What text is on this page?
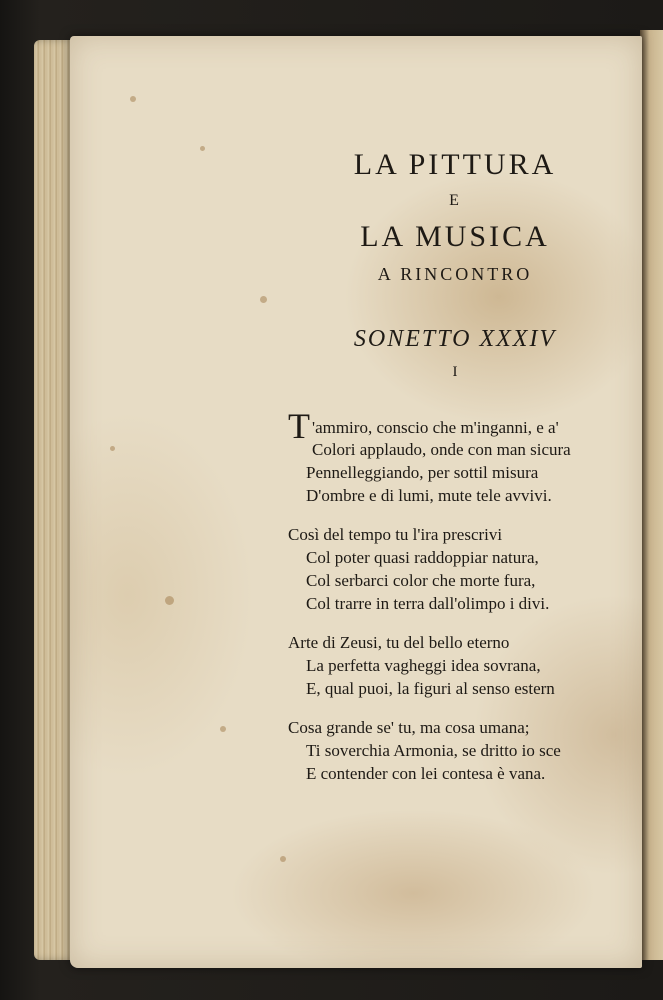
LA PITTURA
E
LA MUSICA
A RINCONTRO
SONETTO XXXIV
I
T 'ammiro, conscio che m'inganni, e a'
Colori applaudo, onde con man sicura
Pennelleggiando, per sottil misura
D'ombre e di lumi, mute tele avvivi.
Così del tempo tu l'ira prescrivi
Col poter quasi raddoppiar natura,
Col serbarci color che morte fura,
Col trarre in terra dall'olimpo i divi.
Arte di Zeusi, tu del bello eterno
La perfetta vagheggi idea sovrana,
E, qual puoi, la figuri al senso estern
Cosa grande se' tu, ma cosa umana;
Ti soverchia Armonia, se dritto io sce
E contender con lei contesa è vana.
